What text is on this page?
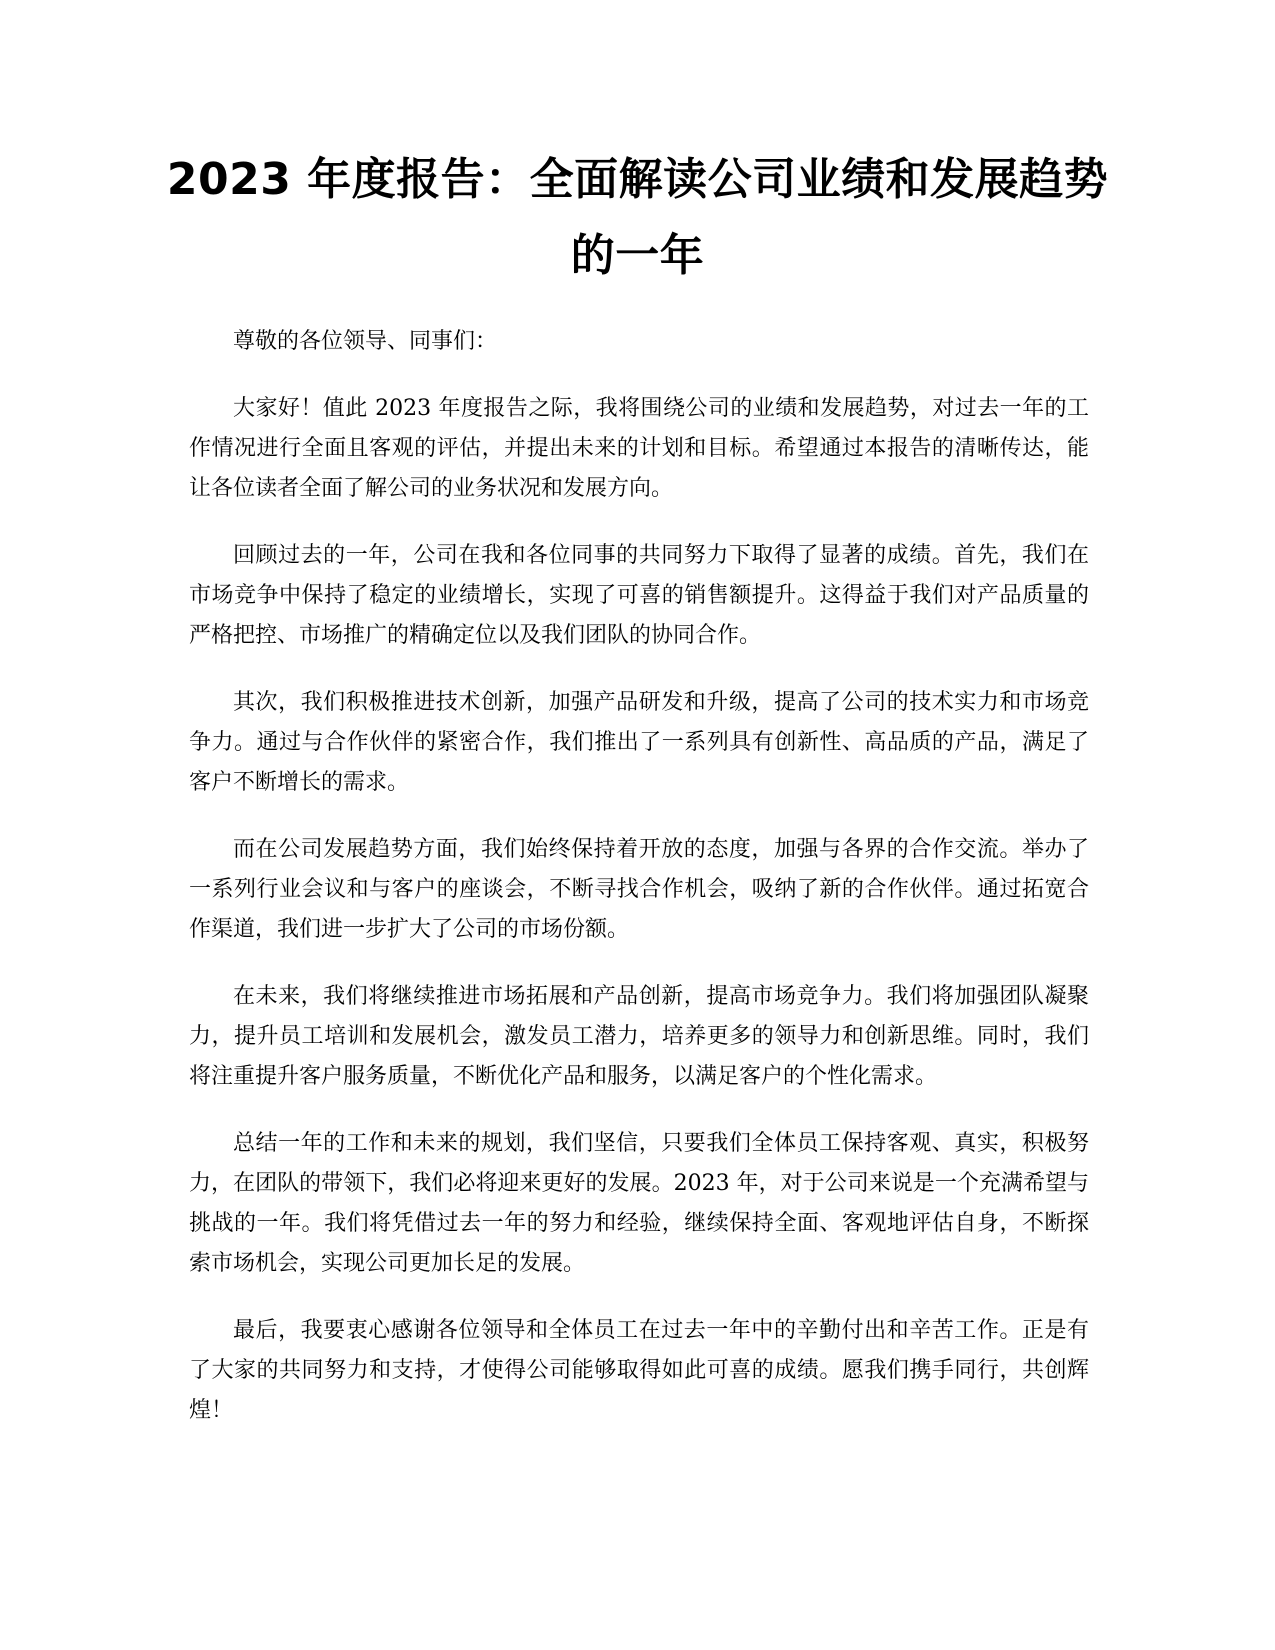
2023 年度报告：全面解读公司业绩和发展趋势的一年

尊敬的各位领导、同事们：

大家好！值此 2023 年度报告之际，我将围绕公司的业绩和发展趋势，对过去一年的工作情况进行全面且客观的评估，并提出未来的计划和目标。希望通过本报告的清晰传达，能让各位读者全面了解公司的业务状况和发展方向。

回顾过去的一年，公司在我和各位同事的共同努力下取得了显著的成绩。首先，我们在市场竞争中保持了稳定的业绩增长，实现了可喜的销售额提升。这得益于我们对产品质量的严格把控、市场推广的精确定位以及我们团队的协同合作。

其次，我们积极推进技术创新，加强产品研发和升级，提高了公司的技术实力和市场竞争力。通过与合作伙伴的紧密合作，我们推出了一系列具有创新性、高品质的产品，满足了客户不断增长的需求。

而在公司发展趋势方面，我们始终保持着开放的态度，加强与各界的合作交流。举办了一系列行业会议和与客户的座谈会，不断寻找合作机会，吸纳了新的合作伙伴。通过拓宽合作渠道，我们进一步扩大了公司的市场份额。

在未来，我们将继续推进市场拓展和产品创新，提高市场竞争力。我们将加强团队凝聚力，提升员工培训和发展机会，激发员工潜力，培养更多的领导力和创新思维。同时，我们将注重提升客户服务质量，不断优化产品和服务，以满足客户的个性化需求。

总结一年的工作和未来的规划，我们坚信，只要我们全体员工保持客观、真实，积极努力，在团队的带领下，我们必将迎来更好的发展。2023 年，对于公司来说是一个充满希望与挑战的一年。我们将凭借过去一年的努力和经验，继续保持全面、客观地评估自身，不断探索市场机会，实现公司更加长足的发展。

最后，我要衷心感谢各位领导和全体员工在过去一年中的辛勤付出和辛苦工作。正是有了大家的共同努力和支持，才使得公司能够取得如此可喜的成绩。愿我们携手同行，共创辉煌！
